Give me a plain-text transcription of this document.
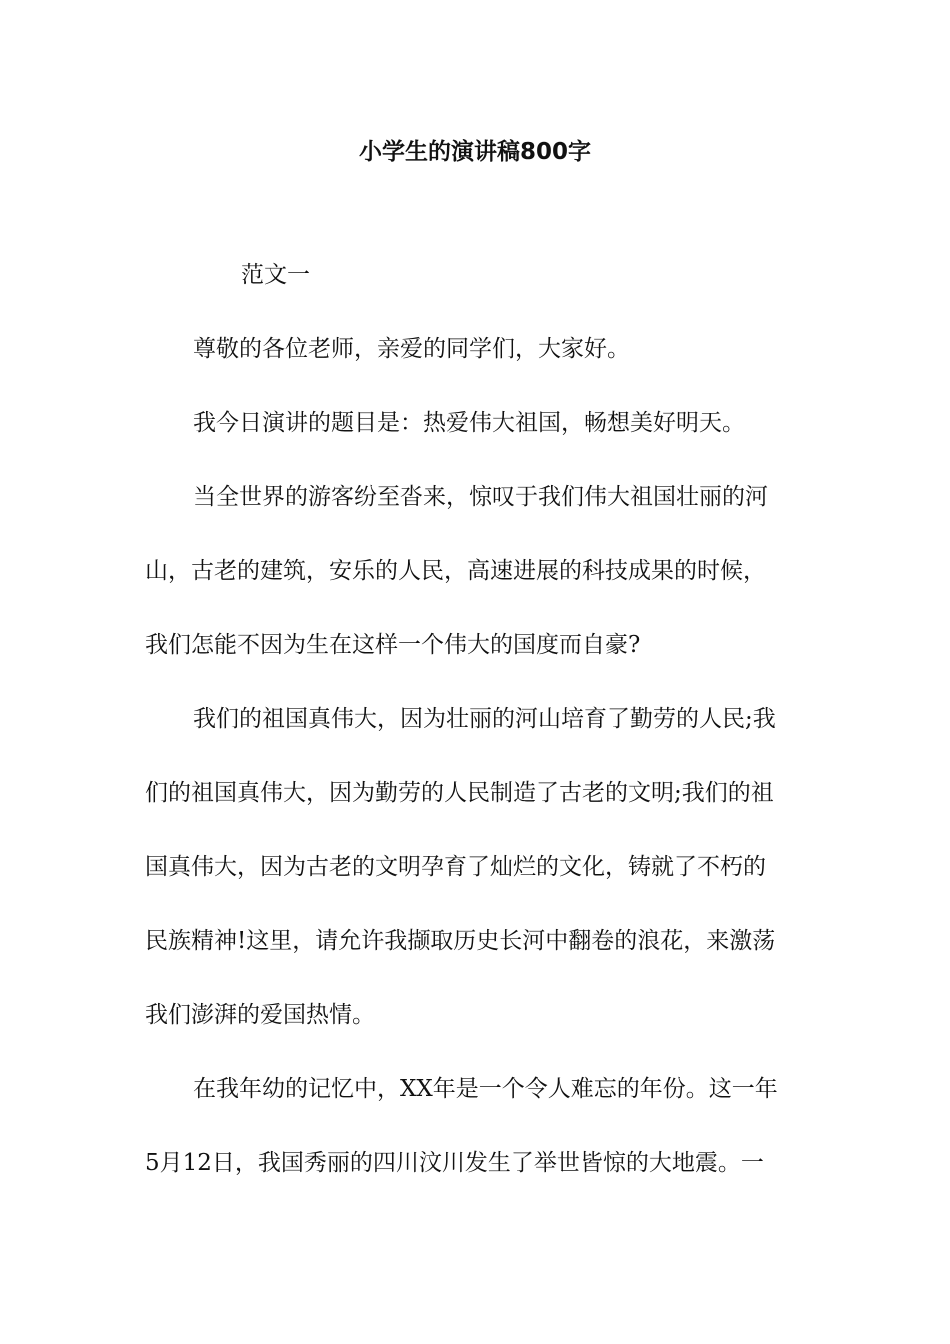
小学生的演讲稿800字
范文一
尊敬的各位老师，亲爱的同学们，大家好。
我今日演讲的题目是：热爱伟大祖国，畅想美好明天。
当全世界的游客纷至沓来，惊叹于我们伟大祖国壮丽的河
山，古老的建筑，安乐的人民，高速进展的科技成果的时候，
我们怎能不因为生在这样一个伟大的国度而自豪?
我们的祖国真伟大，因为壮丽的河山培育了勤劳的人民;我
们的祖国真伟大，因为勤劳的人民制造了古老的文明;我们的祖
国真伟大，因为古老的文明孕育了灿烂的文化，铸就了不朽的
民族精神!这里，请允许我撷取历史长河中翻卷的浪花，来激荡
我们澎湃的爱国热情。
在我年幼的记忆中，XX年是一个令人难忘的年份。这一年
5月12日，我国秀丽的四川汶川发生了举世皆惊的大地震。一
